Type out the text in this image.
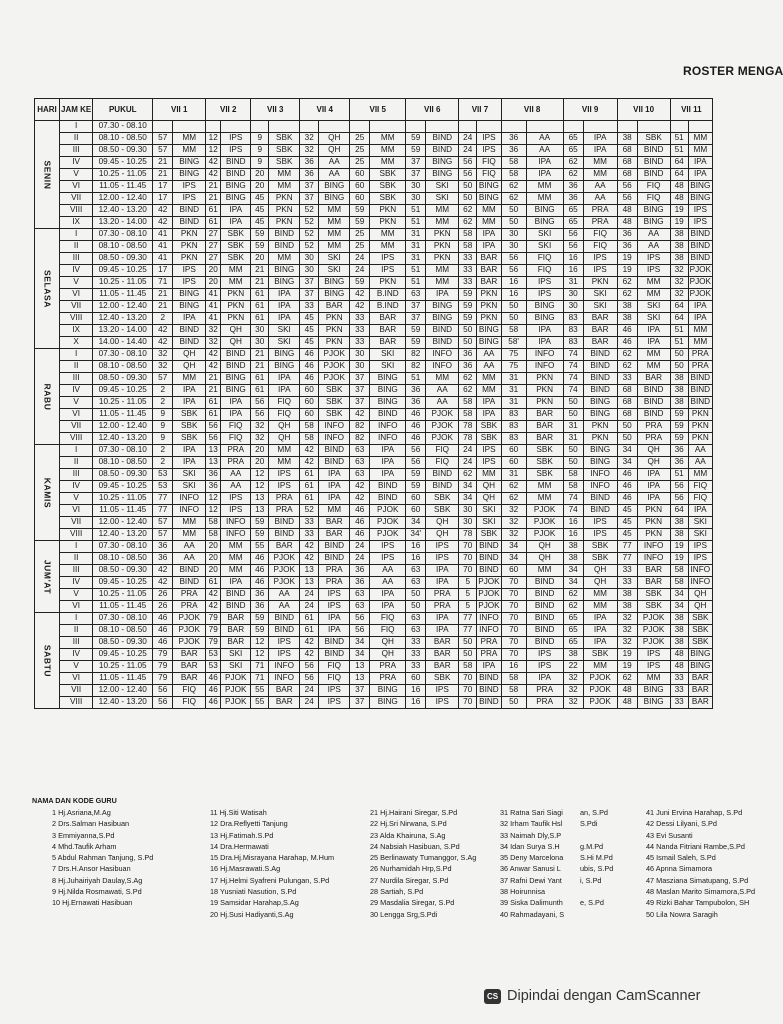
ROSTER MENGA
HARI	JAM KE	PUKUL	VII 1		VII 2		VII 3		VII 4		VII 5		VII 6		VII 7		VII 8		VII 9		VII 10		VII 11	

SENIN	I	07.30 - 08.10																						
	II	08.10 - 08.50	57	MM	12	IPS	9	SBK	32	QH	25	MM	59	BIND	24	IPS	36	AA	65	IPA	38	SBK	51	MM
	III	08.50 - 09.30	57	MM	12	IPS	9	SBK	32	QH	25	MM	59	BIND	24	IPS	36	AA	65	IPA	68	BIND	51	MM
	IV	09.45 - 10.25	21	BING	42	BIND	9	SBK	36	AA	25	MM	37	BING	56	FIQ	58	IPA	62	MM	68	BIND	64	IPA
	V	10.25 - 11.05	21	BING	42	BIND	20	MM	36	AA	60	SBK	37	BING	56	FIQ	58	IPA	62	MM	68	BIND	64	IPA
	VI	11.05 - 11.45	17	IPS	21	BING	20	MM	37	BING	60	SBK	30	SKI	50	BING	62	MM	36	AA	56	FIQ	48	BING
	VII	12.00 - 12.40	17	IPS	21	BING	45	PKN	37	BING	60	SBK	30	SKI	50	BING	62	MM	36	AA	56	FIQ	48	BING
	VIII	12.40 - 13.20	42	BIND	61	IPA	45	PKN	52	MM	59	PKN	51	MM	62	MM	50	BING	65	PRA	48	BING	19	IPS
	IX	13.20 - 14.00	42	BIND	61	IPA	45	PKN	52	MM	59	PKN	51	MM	62	MM	50	BING	65	PRA	48	BING	19	IPS

SELASA	I	07.30 - 08.10	41	PKN	27	SBK	59	BIND	52	MM	25	MM	31	PKN	58	IPA	30	SKI	56	FIQ	36	AA	38	BIND
	II	08.10 - 08.50	41	PKN	27	SBK	59	BIND	52	MM	25	MM	31	PKN	58	IPA	30	SKI	56	FIQ	36	AA	38	BIND
	III	08.50 - 09.30	41	PKN	27	SBK	20	MM	30	SKI	24	IPS	31	PKN	33	BAR	56	FIQ	16	IPS	19	IPS	38	BIND
	IV	09.45 - 10.25	17	IPS	20	MM	21	BING	30	SKI	24	IPS	51	MM	33	BAR	56	FIQ	16	IPS	19	IPS	32	PJOK
	V	10.25 - 11.05	71	IPS	20	MM	21	BING	37	BING	59	PKN	51	MM	33	BAR	16	IPS	31	PKN	62	MM	32	PJOK
	VI	11.05 - 11.45	21	BING	41	PKN	61	IPA	37	BING	42	B.IND	63	IPA	59	PKN	16	IPS	30	SKI	62	MM	32	PJOK
	VII	12.00 - 12.40	21	BING	41	PKN	61	IPA	33	BAR	42	B.IND	37	BING	59	PKN	50	BING	30	SKI	38	SKI	64	IPA
	VIII	12.40 - 13.20	2	IPA	41	PKN	61	IPA	45	PKN	33	BAR	37	BING	59	PKN	50	BING	83	BAR	38	SKI	64	IPA
	IX	13.20 - 14.00	42	BIND	32	QH	30	SKI	45	PKN	33	BAR	59	BIND	50	BING	58	IPA	83	BAR	46	IPA	51	MM
	X	14.00 - 14.40	42	BIND	32	QH	30	SKI	45	PKN	33	BAR	59	BIND	50	BING	58'	IPA	83	BAR	46	IPA	51	MM

RABU	I	07.30 - 08.10	32	QH	42	BIND	21	BING	46	PJOK	30	SKI	82	INFO	36	AA	75	INFO	74	BIND	62	MM	50	PRA
	II	08.10 - 08.50	32	QH	42	BIND	21	BING	46	PJOK	30	SKI	82	INFO	36	AA	75	INFO	74	BIND	62	MM	50	PRA
	III	08.50 - 09.30	57	MM	21	BING	61	IPA	46	PJOK	37	BING	51	MM	62	MM	31	PKN	74	BIND	33	BAR	38	BIND
	IV	09.45 - 10.25	2	IPA	21	BING	61	IPA	60	SBK	37	BING	36	AA	62	MM	31	PKN	74	BIND	68	BIND	38	BIND
	V	10.25 - 11.05	2	IPA	61	IPA	56	FIQ	60	SBK	37	BING	36	AA	58	IPA	31	PKN	50	BING	68	BIND	38	BIND
	VI	11.05 - 11.45	9	SBK	61	IPA	56	FIQ	60	SBK	42	BIND	46	PJOK	58	IPA	83	BAR	50	BING	68	BIND	59	PKN
	VII	12.00 - 12.40	9	SBK	56	FIQ	32	QH	58	INFO	82	INFO	46	PJOK	78	SBK	83	BAR	31	PKN	50	PRA	59	PKN
	VIII	12.40 - 13.20	9	SBK	56	FIQ	32	QH	58	INFO	82	INFO	46	PJOK	78	SBK	83	BAR	31	PKN	50	PRA	59	PKN

KAMIS	I	07.30 - 08.10	2	IPA	13	PRA	20	MM	42	BIND	63	IPA	56	FIQ	24	IPS	60	SBK	50	BING	34	QH	36	AA
	II	08.10 - 08.50	2	IPA	13	PRA	20	MM	42	BIND	63	IPA	56	FIQ	24	IPS	60	SBK	50	BING	34	QH	36	AA
	III	08.50 - 09.30	53	SKI	36	AA	12	IPS	61	IPA	63	IPA	59	BIND	62	MM	31	SBK	58	INFO	46	IPA	51	MM
	IV	09.45 - 10.25	53	SKI	36	AA	12	IPS	61	IPA	42	BIND	59	BIND	34	QH	62	MM	58	INFO	46	IPA	56	FIQ
	V	10.25 - 11.05	77	INFO	12	IPS	13	PRA	61	IPA	42	BIND	60	SBK	34	QH	62	MM	74	BIND	46	IPA	56	FIQ
	VI	11.05 - 11.45	77	INFO	12	IPS	13	PRA	52	MM	46	PJOK	60	SBK	30	SKI	32	PJOK	74	BIND	45	PKN	64	IPA
	VII	12.00 - 12.40	57	MM	58	INFO	59	BIND	33	BAR	46	PJOK	34	QH	30	SKI	32	PJOK	16	IPS	45	PKN	38	SKI
	VIII	12.40 - 13.20	57	MM	58	INFO	59	BIND	33	BAR	46	PJOK	34'	QH	78	SBK	32	PJOK	16	IPS	45	PKN	38	SKI

JUM'AT	I	07.30 - 08.10	36	AA	20	MM	55	BAR	42	BIND	24	IPS	16	IPS	70	BIND	34	QH	38	SBK	77	INFO	19	IPS
	II	08.10 - 08.50	36	AA	20	MM	46	PJOK	42	BIND	24	IPS	16	IPS	70	BIND	34	QH	38	SBK	77	INFO	19	IPS
	III	08.50 - 09.30	42	BIND	20	MM	46	PJOK	13	PRA	36	AA	63	IPA	70	BIND	60	MM	34	QH	33	BAR	58	INFO
	IV	09.45 - 10.25	42	BIND	61	IPA	46	PJOK	13	PRA	36	AA	63	IPA	5	PJOK	70	BIND	34	QH	33	BAR	58	INFO
	V	10.25 - 11.05	26	PRA	42	BIND	36	AA	24	IPS	63	IPA	50	PRA	5	PJOK	70	BIND	62	MM	38	SBK	34	QH
	VI	11.05 - 11.45	26	PRA	42	BIND	36	AA	24	IPS	63	IPA	50	PRA	5	PJOK	70	BIND	62	MM	38	SBK	34	QH

SABTU	I	07.30 - 08.10	46	PJOK	79	BAR	59	BIND	61	IPA	56	FIQ	63	IPA	77	INFO	70	BIND	65	IPA	32	PJOK	38	SBK
	II	08.10 - 08.50	46	PJOK	79	BAR	59	BIND	61	IPA	56	FIQ	63	IPA	77	INFO	70	BIND	65	IPA	32	PJOK	38	SBK
	III	08.50 - 09.30	46	PJOK	79	BAR	12	IPS	42	BIND	34	QH	33	BAR	50	PRA	70	BIND	65	IPA	32	PJOK	38	SBK
	IV	09.45 - 10.25	79	BAR	53	SKI	12	IPS	42	BIND	34	QH	33	BAR	50	PRA	70	IPS	38	SBK	19	IPS	48	BING
	V	10.25 - 11.05	79	BAR	53	SKI	71	INFO	56	FIQ	13	PRA	33	BAR	58	IPA	16	IPS	22	MM	19	IPS	48	BING
	VI	11.05 - 11.45	79	BAR	46	PJOK	71	INFO	56	FIQ	13	PRA	60	SBK	70	BIND	58	IPA	32	PJOK	62	MM	33	BAR
	VII	12.00 - 12.40	56	FIQ	46	PJOK	55	BAR	24	IPS	37	BING	16	IPS	70	BIND	58	PRA	32	PJOK	48	BING	33	BAR
	VIII	12.40 - 13.20	56	FIQ	46	PJOK	55	BAR	24	IPS	37	BING	16	IPS	70	BIND	50	PRA	32	PJOK	48	BING	33	BAR
NAMA DAN KODE GURU
1 Hj.Asriana,M.Ag
2 Drs.Salman Hasibuan
3 Emmiyanna,S.Pd
4 Mhd.Taufik Arham
5 Abdul Rahman Tanjung, S.Pd
7 Drs.H.Ansor Hasibuan
8 Hj.Juhairiyah Daulay,S.Ag
9 Hj.Nilda Rosmawati, S.Pd
10 Hj.Ernawati Hasibuan
11 Hj.Siti Watisah
12 Dra.Reflyetti Tanjung
13 Hj.Fatimah.S.Pd
14 Dra.Hermawati
15 Dra.Hj.Misrayana Harahap, M.Hum
16 Hj.Masrawati.S.Ag
17 Hj.Helmi Syafreni Pulungan, S.Pd
18 Yusniati Nasution, S.Pd
19 Samsidar Harahap,S.Ag
20 Hj.Susi Hadiyanti,S.Ag
21 Hj.Hairani Siregar, S.Pd
22 Hj.Sri Nirwana, S.Pd
23 Alda Khairuna, S.Ag
24 Nabsiah Hasibuan, S.Pd
25 Berlinawaty Tumanggor, S.Ag
26 Nurhamidah Hrp,S.Pd
27 Nurdila Siregar, S.Pd
28 Sartiah, S.Pd
29 Masdalia Siregar, S.Pd
30 Lengga Srg,S.Pdi
31 Ratna Sari Siagi
32 Irham Taufik Hsl
33 Naimah Dly,S.P
34 Idan Surya S.H
35 Deny Marcelona
36 Anwar Sanusi L
37 Rafni Dewi Yant
38 Hoirunnisa
39 Siska Dalimunth
40 Rahmadayani, S
an, S.Pd
S.Pdi
g.M.Pd
S.Hi M.Pd
ubis, S.Pd
i, S.Pd
e, S.Pd
41 Juni Ervina Harahap, S.Pd
42 Dessi Lilyani, S.Pd
43 Evi Susanti
44 Nanda Fitriani Rambe,S.Pd
45 Ismail Saleh, S.Pd
46 Apnna Simamora
47 Masziana Simatupang, S.Pd
48 Maslan Marito Simamora,S.Pd
49 Rizki Bahar Tampubolon, SH
50 Lila Nowra Saragih
CS Dipindai dengan CamScanner
